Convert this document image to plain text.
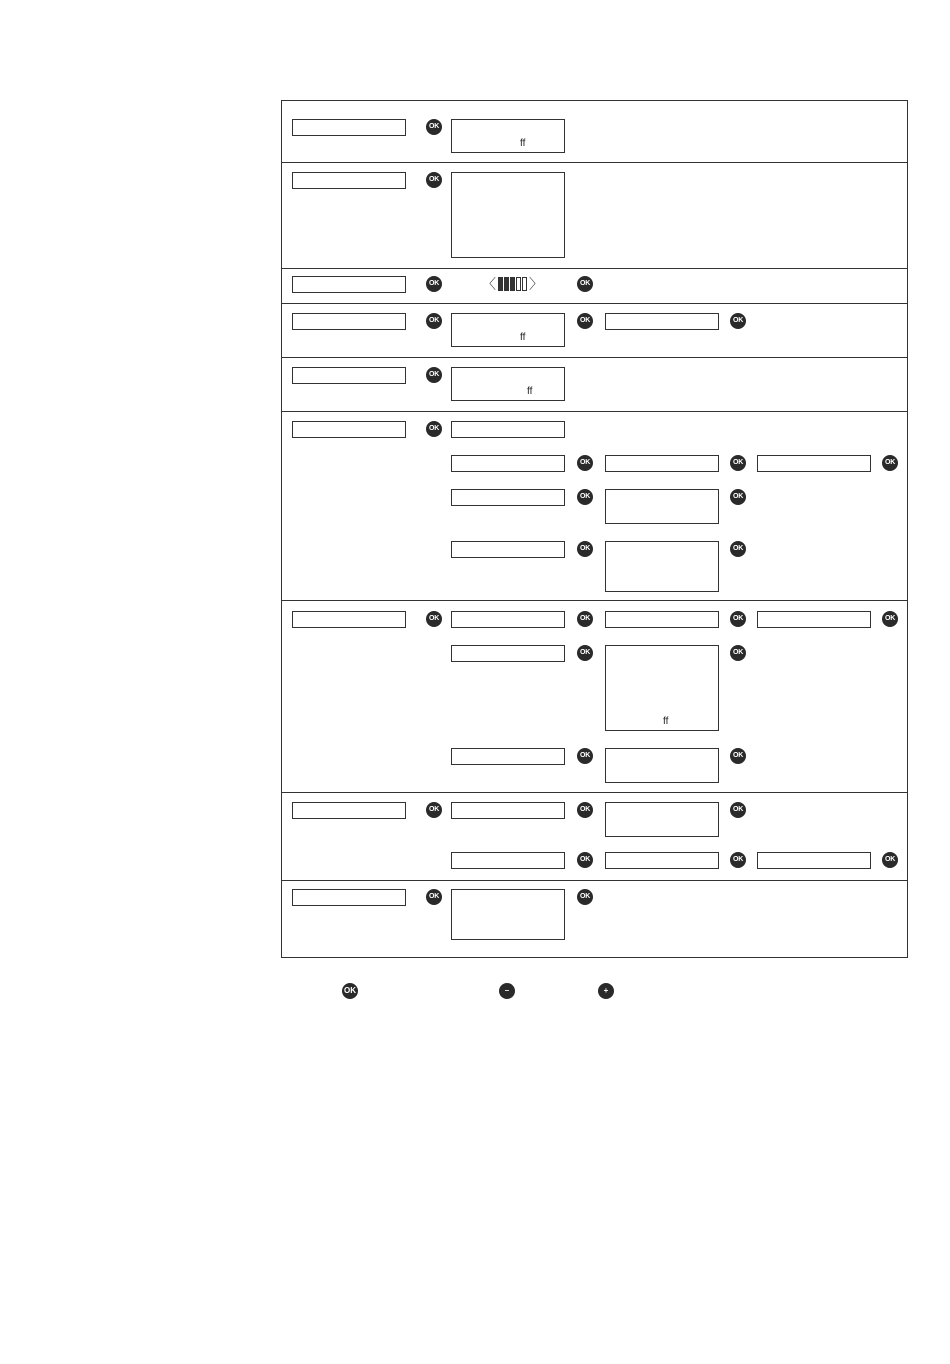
OK
ff
OK
OK	〈 〉	OK
OK
ff
OK	OK
OK
ff
OK
OK	OK	OK
OK	OK
OK	OK
OK	OK	OK	OK
OK
ff
OK
OK	OK
OK	OK	OK
OK	OK	OK
OK	OK
OK	–	+
